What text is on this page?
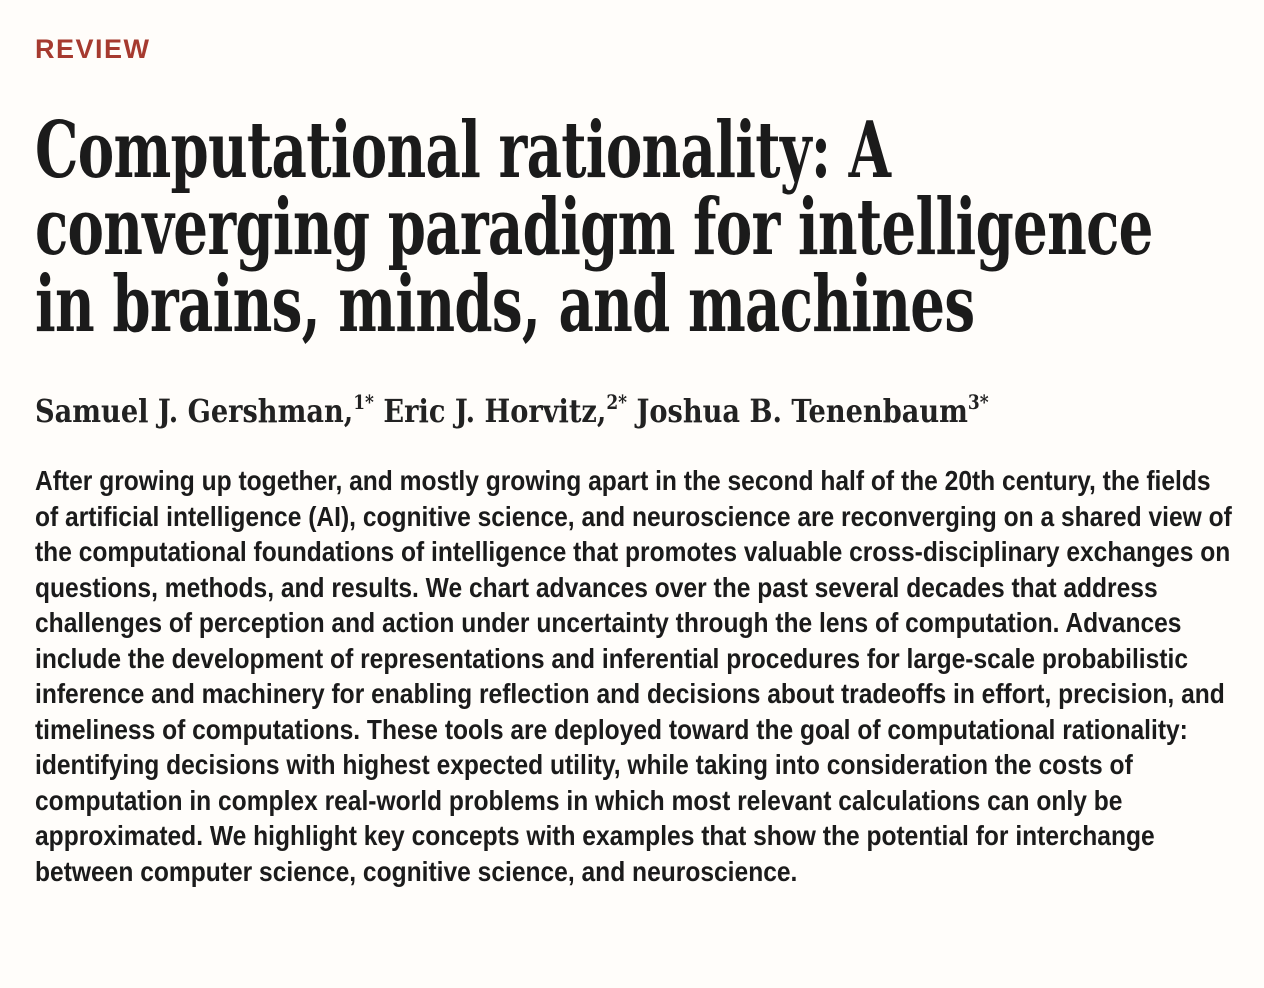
REVIEW
Computational rationality: A
converging paradigm for intelligence
in brains, minds, and machines
Samuel J. Gershman,$^{1*}$ Eric J. Horvitz,$^{2*}$ Joshua B. Tenenbaum$^{3*}$

After growing up together, and mostly growing apart in the second half of the 20th century, the fields of artificial intelligence (AI), cognitive science, and neuroscience are reconverging on a shared view of the computational foundations of intelligence that promotes valuable cross-disciplinary exchanges on questions, methods, and results. We chart advances over the past several decades that address challenges of perception and action under uncertainty through the lens of computation. Advances include the development of representations and inferential procedures for large-scale probabilistic inference and machinery for enabling reflection and decisions about tradeoffs in effort, precision, and timeliness of computations. These tools are deployed toward the goal of computational rationality: identifying decisions with highest expected utility, while taking into consideration the costs of computation in complex real-world problems in which most relevant calculations can only be approximated. We highlight key concepts with examples that show the potential for interchange between computer science, cognitive science, and neuroscience.
